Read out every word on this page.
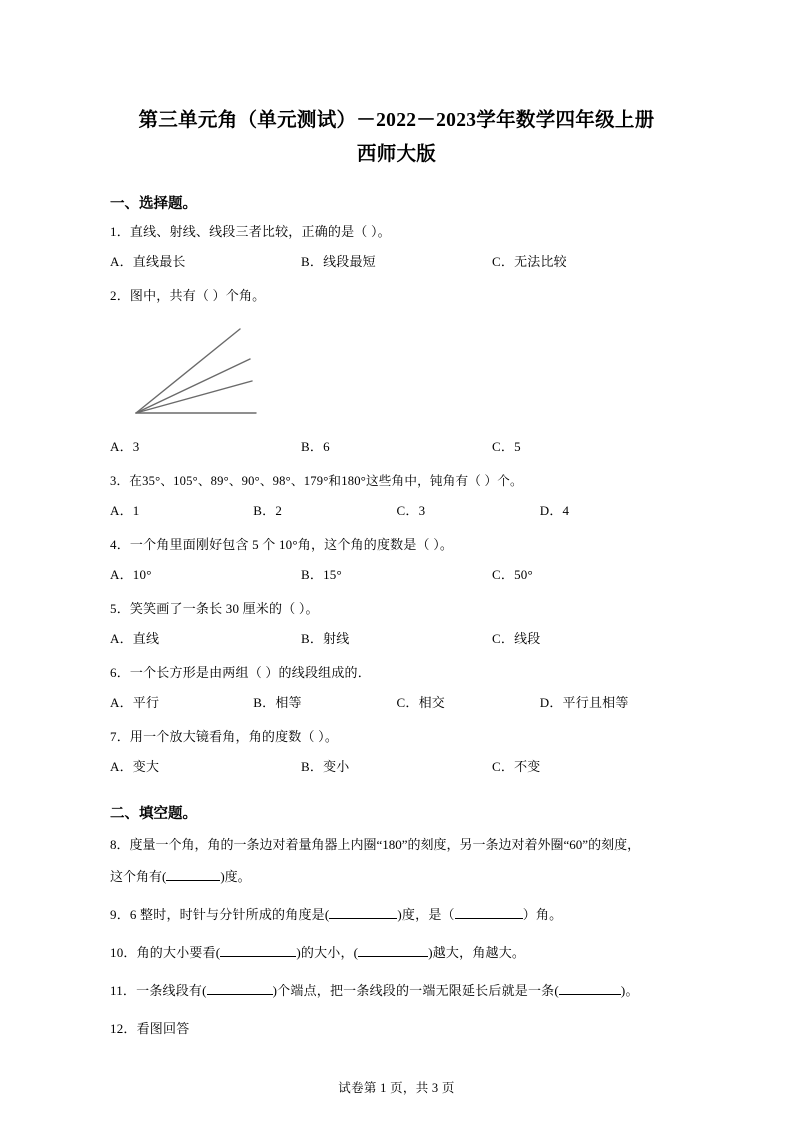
第三单元角（单元测试）－2022－2023学年数学四年级上册
西师大版
一、选择题。
1．直线、射线、线段三者比较，正确的是（ ）。
A．直线最长	B．线段最短	C．无法比较
2．图中，共有（ ）个角。
A．3	B．6	C．5
3．在35°、105°、89°、90°、98°、179°和180°这些角中，钝角有（ ）个。
A．1	B．2	C．3	D．4
4．一个角里面刚好包含 5 个 10°角，这个角的度数是（ ）。
A．10°	B．15°	C．50°
5．笑笑画了一条长 30 厘米的（ ）。
A．直线	B．射线	C．线段
6．一个长方形是由两组（ ）的线段组成的．
A．平行	B．相等	C．相交	D．平行且相等
7．用一个放大镜看角，角的度数（ ）。
A．变大	B．变小	C．不变
二、填空题。
8．度量一个角，角的一条边对着量角器上内圈“180”的刻度，另一条边对着外圈“60”的刻度，
这个角有(	)度。
9．6 整时，时针与分针所成的角度是(	)度，是（	）角。
10．角的大小要看(	)的大小，(	)越大，角越大。
11．一条线段有(	)个端点，把一条线段的一端无限延长后就是一条(	)。
12．看图回答
试卷第 1 页，共 3 页
